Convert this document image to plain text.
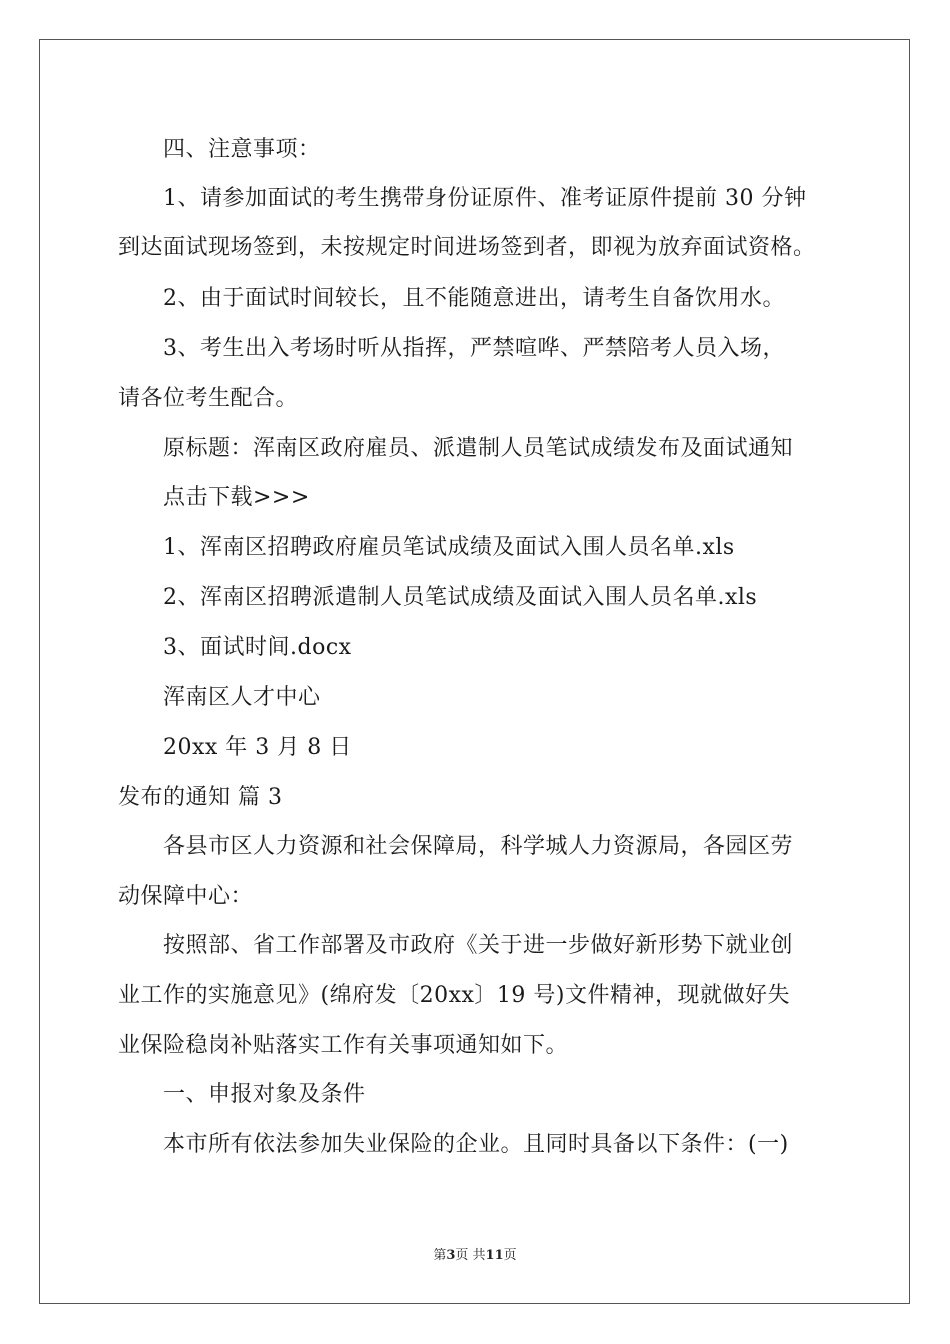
四、注意事项：
1、请参加面试的考生携带身份证原件、准考证原件提前 30 分钟
到达面试现场签到，未按规定时间进场签到者，即视为放弃面试资格。
2、由于面试时间较长，且不能随意进出，请考生自备饮用水。
3、考生出入考场时听从指挥，严禁喧哗、严禁陪考人员入场，
请各位考生配合。
原标题：浑南区政府雇员、派遣制人员笔试成绩发布及面试通知
点击下载>>>
1、浑南区招聘政府雇员笔试成绩及面试入围人员名单.xls
2、浑南区招聘派遣制人员笔试成绩及面试入围人员名单.xls
3、面试时间.docx
浑南区人才中心
20xx 年 3 月 8 日
发布的通知 篇 3
各县市区人力资源和社会保障局，科学城人力资源局，各园区劳
动保障中心：
按照部、省工作部署及市政府《关于进一步做好新形势下就业创
业工作的实施意见》(绵府发〔20xx〕19 号)文件精神，现就做好失
业保险稳岗补贴落实工作有关事项通知如下。
一、申报对象及条件
本市所有依法参加失业保险的企业。且同时具备以下条件：(一)
第3页 共11页
